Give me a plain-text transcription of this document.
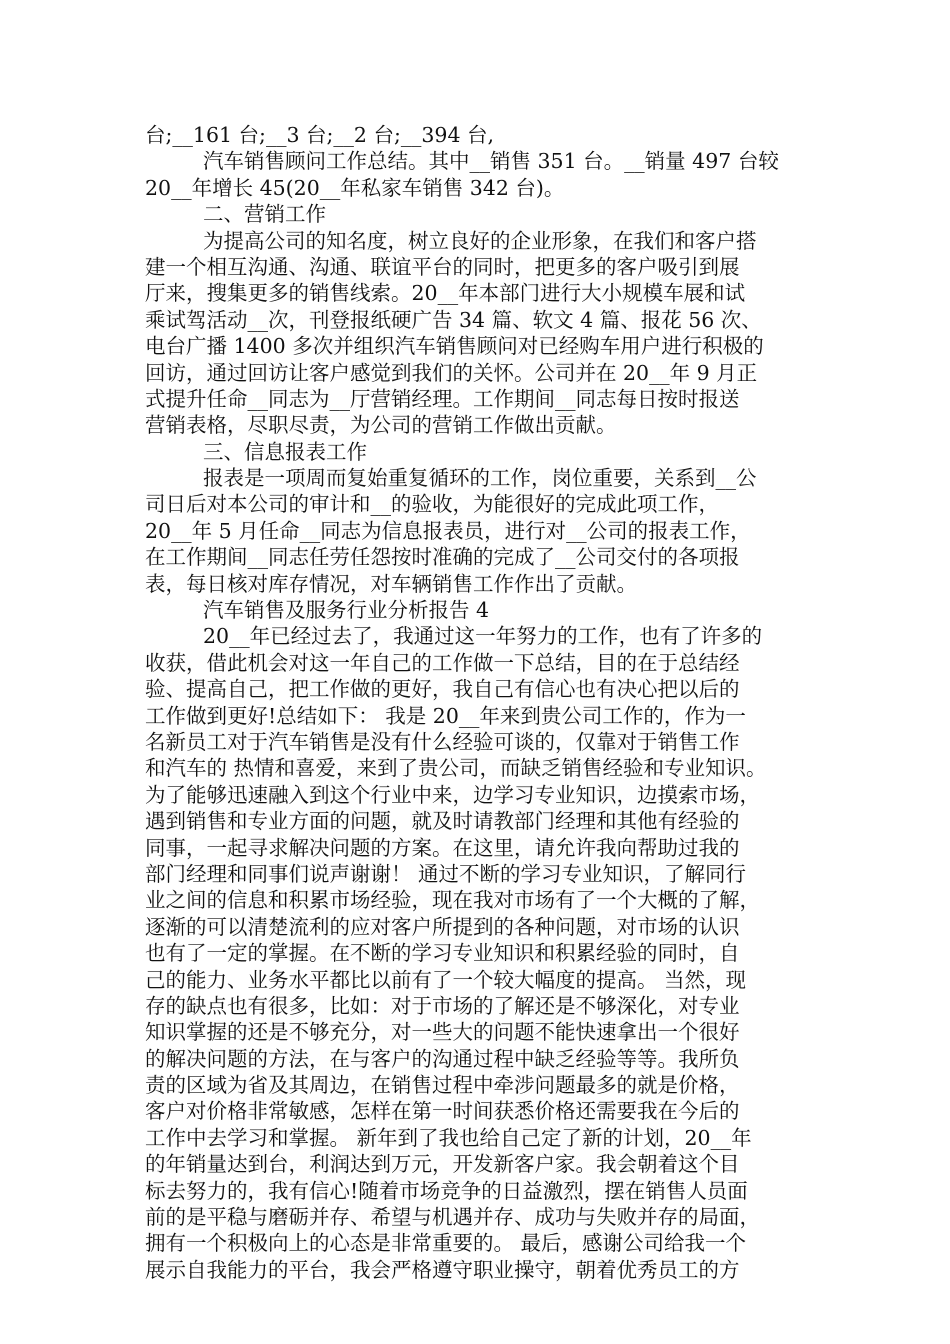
台;__161 台;__3 台;__2 台;__394 台,
汽车销售顾问工作总结。其中__销售 351 台。__销量 497 台较
20__年增长 45(20__年私家车销售 342 台)。
二、营销工作
为提高公司的知名度，树立良好的企业形象，在我们和客户搭
建一个相互沟通、沟通、联谊平台的同时，把更多的客户吸引到展
厅来，搜集更多的销售线索。20__年本部门进行大小规模车展和试
乘试驾活动__次，刊登报纸硬广告 34 篇、软文 4 篇、报花 56 次、
电台广播 1400 多次并组织汽车销售顾问对已经购车用户进行积极的
回访，通过回访让客户感觉到我们的关怀。公司并在 20__年 9 月正
式提升任命__同志为__厅营销经理。工作期间__同志每日按时报送
营销表格，尽职尽责，为公司的营销工作做出贡献。
三、信息报表工作
报表是一项周而复始重复循环的工作，岗位重要，关系到__公
司日后对本公司的审计和__的验收，为能很好的完成此项工作，
20__年 5 月任命__同志为信息报表员，进行对__公司的报表工作，
在工作期间__同志任劳任怨按时准确的完成了__公司交付的各项报
表，每日核对库存情况，对车辆销售工作作出了贡献。
汽车销售及服务行业分析报告 4
20__年已经过去了，我通过这一年努力的工作，也有了许多的
收获，借此机会对这一年自己的工作做一下总结，目的在于总结经
验、提高自己，把工作做的更好，我自己有信心也有决心把以后的
工作做到更好!总结如下： 我是 20__年来到贵公司工作的，作为一
名新员工对于汽车销售是没有什么经验可谈的，仅靠对于销售工作
和汽车的 热情和喜爱，来到了贵公司，而缺乏销售经验和专业知识。
为了能够迅速融入到这个行业中来，边学习专业知识，边摸索市场，
遇到销售和专业方面的问题，就及时请教部门经理和其他有经验的
同事，一起寻求解决问题的方案。在这里，请允许我向帮助过我的
部门经理和同事们说声谢谢！ 通过不断的学习专业知识，了解同行
业之间的信息和积累市场经验，现在我对市场有了一个大概的了解，
逐渐的可以清楚流利的应对客户所提到的各种问题，对市场的认识
也有了一定的掌握。在不断的学习专业知识和积累经验的同时，自
己的能力、业务水平都比以前有了一个较大幅度的提高。 当然，现
存的缺点也有很多，比如：对于市场的了解还是不够深化，对专业
知识掌握的还是不够充分，对一些大的问题不能快速拿出一个很好
的解决问题的方法，在与客户的沟通过程中缺乏经验等等。我所负
责的区域为省及其周边，在销售过程中牵涉问题最多的就是价格，
客户对价格非常敏感，怎样在第一时间获悉价格还需要我在今后的
工作中去学习和掌握。 新年到了我也给自己定了新的计划，20__年
的年销量达到台，利润达到万元，开发新客户家。我会朝着这个目
标去努力的，我有信心!随着市场竞争的日益激烈，摆在销售人员面
前的是平稳与磨砺并存、希望与机遇并存、成功与失败并存的局面，
拥有一个积极向上的心态是非常重要的。 最后，感谢公司给我一个
展示自我能力的平台，我会严格遵守职业操守，朝着优秀员工的方
